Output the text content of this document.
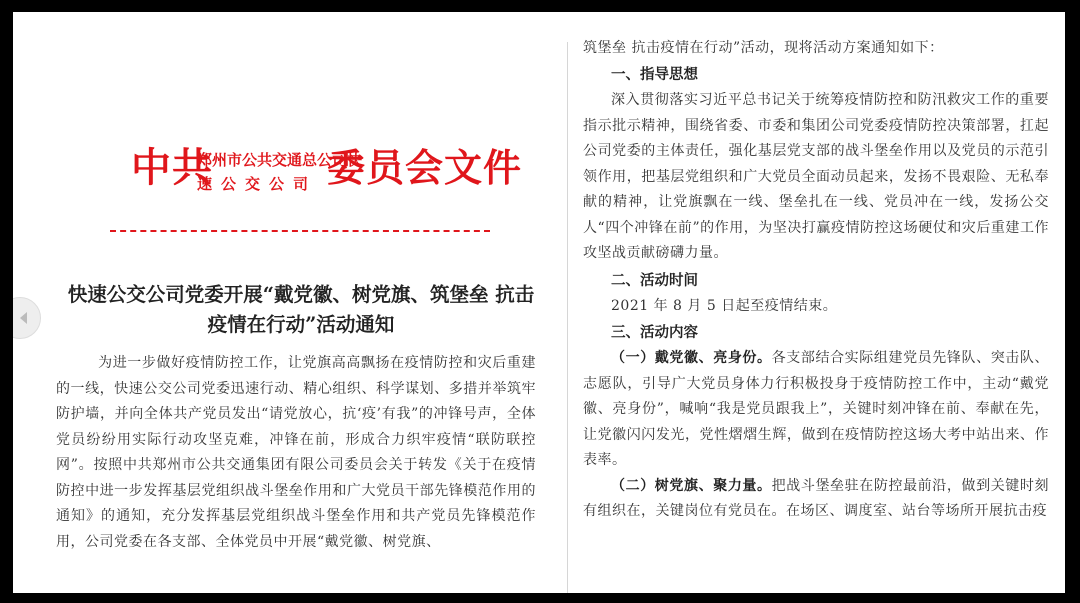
中共
郑州市公共交通总公司快
速公交公司 委员会文件
快速公交公司党委开展“戴党徽、树党旗、筑堡垒 抗击疫情在行动”活动通知

为进一步做好疫情防控工作，让党旗高高飘扬在疫情防控和灾后重建的一线，快速公交公司党委迅速行动、精心组织、科学谋划、多措并举筑牢防护墙，并向全体共产党员发出“请党放心，抗‘疫’有我”的冲锋号声，全体党员纷纷用实际行动攻坚克难，冲锋在前，形成合力织牢疫情“联防联控网”。按照中共郑州市公共交通集团有限公司委员会关于转发《关于在疫情防控中进一步发挥基层党组织战斗堡垒作用和广大党员干部先锋模范作用的通知》的通知，充分发挥基层党组织战斗堡垒作用和共产党员先锋模范作用，公司党委在各支部、全体党员中开展“戴党徽、树党旗、

筑堡垒 抗击疫情在行动”活动，现将活动方案通知如下：

一、指导思想

深入贯彻落实习近平总书记关于统筹疫情防控和防汛救灾工作的重要指示批示精神，围绕省委、市委和集团公司党委疫情防控决策部署，扛起公司党委的主体责任，强化基层党支部的战斗堡垒作用以及党员的示范引领作用，把基层党组织和广大党员全面动员起来，发扬不畏艰险、无私奉献的精神，让党旗飘在一线、堡垒扎在一线、党员冲在一线，发扬公交人“四个冲锋在前”的作用，为坚决打赢疫情防控这场硬仗和灾后重建工作攻坚战贡献磅礴力量。

二、活动时间

2021 年 8 月 5 日起至疫情结束。

三、活动内容

（一）戴党徽、亮身份。各支部结合实际组建党员先锋队、突击队、志愿队，引导广大党员身体力行积极投身于疫情防控工作中，主动“戴党徽、亮身份”，喊响“我是党员跟我上”，关键时刻冲锋在前、奉献在先，让党徽闪闪发光，党性熠熠生辉，做到在疫情防控这场大考中站出来、作表率。

（二）树党旗、聚力量。把战斗堡垒驻在防控最前沿，做到关键时刻有组织在，关键岗位有党员在。在场区、调度室、站台等场所开展抗击疫
